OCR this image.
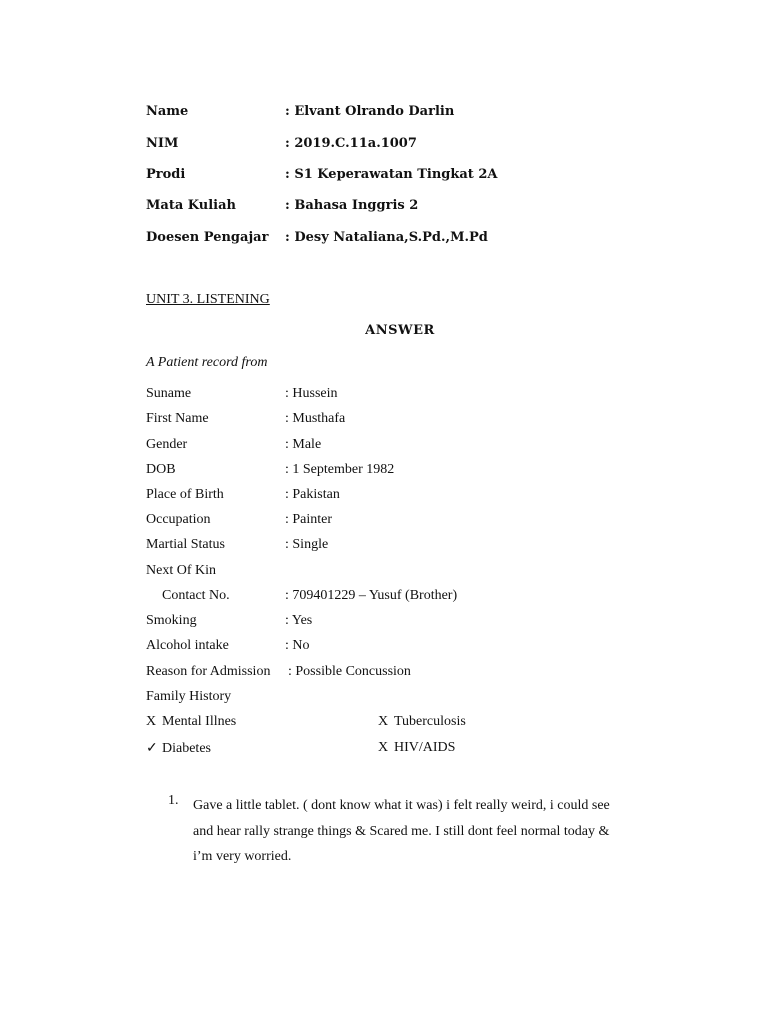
Name	: Elvant Olrando Darlin
NIM	: 2019.C.11a.1007
Prodi	: S1 Keperawatan Tingkat 2A
Mata Kuliah	: Bahasa Inggris 2
Doesen Pengajar : Desy Nataliana,S.Pd.,M.Pd
UNIT 3. LISTENING
ANSWER
A Patient record from
Suname	: Hussein
First Name	: Musthafa
Gender	: Male
DOB	: 1 September 1982
Place of Birth	: Pakistan
Occupation	: Painter
Martial Status	: Single
Next Of Kin
Contact No.	: 709401229 – Yusuf (Brother)
Smoking	: Yes
Alcohol intake	: No
Reason for Admission : Possible Concussion
Family History
X Mental Illnes	X Tuberculosis
✓ Diabetes	X HIV/AIDS
1. Gave a little tablet. ( dont know what it was) i felt really weird, i could see
and hear rally strange things & Scared me. I still dont feel normal today &
i’m very worried.
